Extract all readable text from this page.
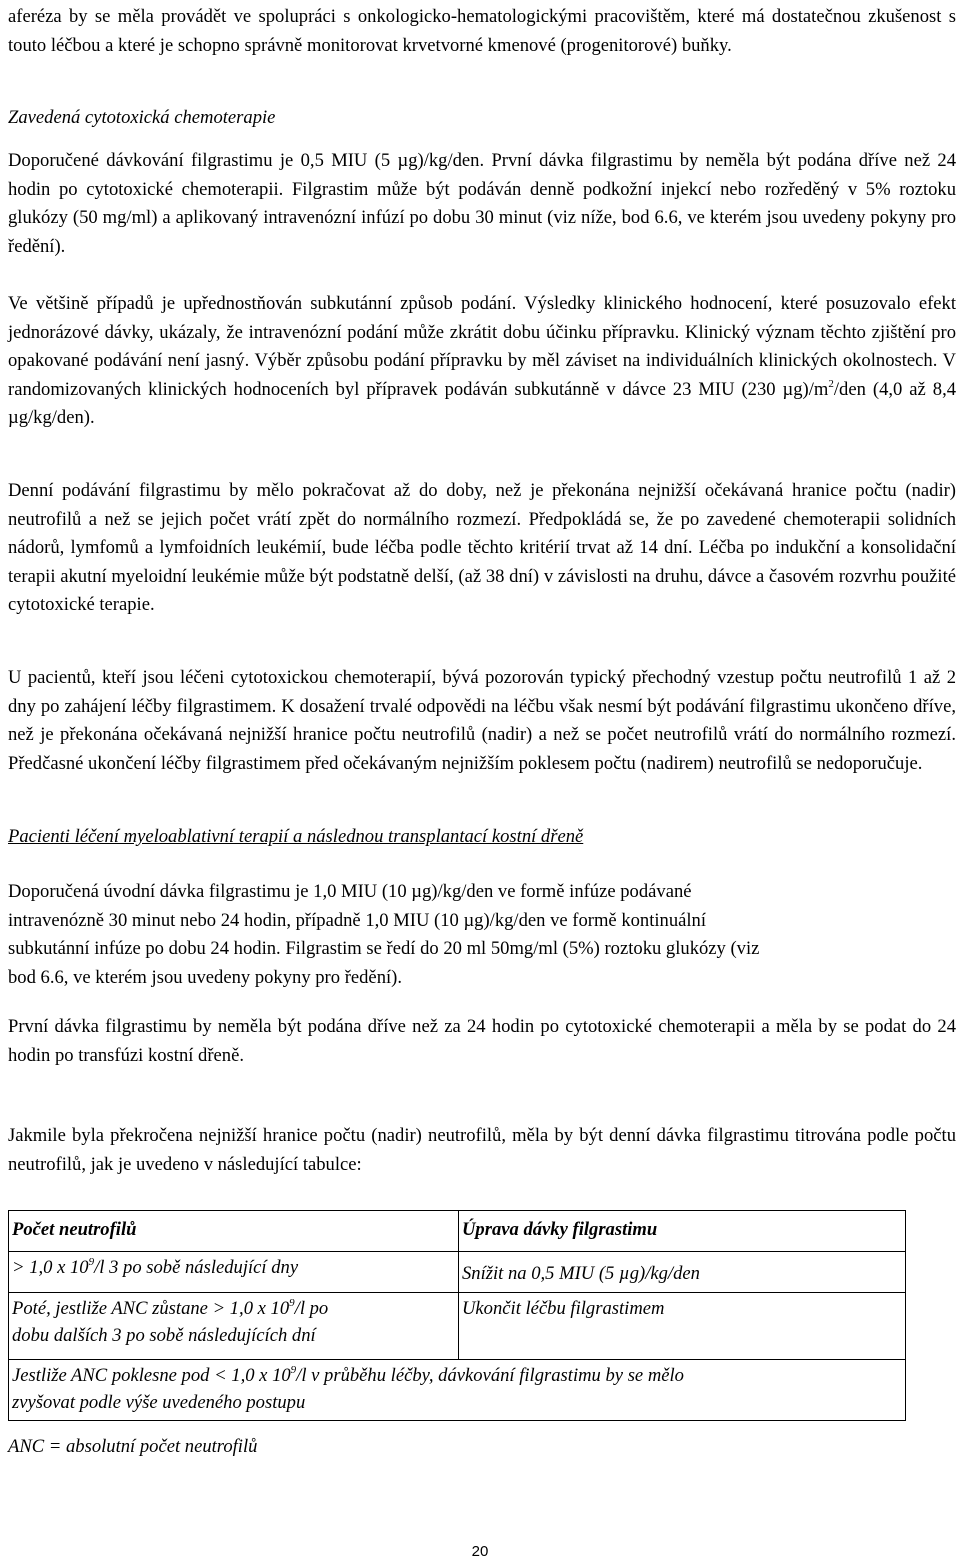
aferéza by se měla provádět ve spolupráci s onkologicko-hematologickými pracovištěm, které má dostatečnou zkušenost s touto léčbou a které je schopno správně monitorovat krvetvorné kmenové (progenitorové) buňky.

Zavedená cytotoxická chemoterapie

Doporučené dávkování filgrastimu je 0,5 MIU (5 µg)/kg/den. První dávka filgrastimu by neměla být podána dříve než 24 hodin po cytotoxické chemoterapii. Filgrastim může být podáván denně podkožní injekcí nebo rozředěný v 5% roztoku glukózy (50 mg/ml) a aplikovaný intravenózní infúzí po dobu 30 minut (viz níže, bod 6.6, ve kterém jsou uvedeny pokyny pro ředění).

Ve většině případů je upřednostňován subkutánní způsob podání. Výsledky klinického hodnocení, které posuzovalo efekt jednorázové dávky, ukázaly, že intravenózní podání může zkrátit dobu účinku přípravku. Klinický význam těchto zjištění pro opakované podávání není jasný. Výběr způsobu podání přípravku by měl záviset na individuálních klinických okolnostech. V randomizovaných klinických hodnoceních byl přípravek podáván subkutánně v dávce 23 MIU (230 $\mu g)/m^2$/den (4,0 až 8,4 µg/kg/den).

Denní podávání filgrastimu by mělo pokračovat až do doby, než je překonána nejnižší očekávaná hranice počtu (nadir) neutrofilů a než se jejich počet vrátí zpět do normálního rozmezí. Předpokládá se, že po zavedené chemoterapii solidních nádorů, lymfomů a lymfoidních leukémií, bude léčba podle těchto kritérií trvat až 14 dní. Léčba po indukční a konsolidační terapii akutní myeloidní leukémie může být podstatně delší, (až 38 dní) v závislosti na druhu, dávce a časovém rozvrhu použité cytotoxické terapie.

U pacientů, kteří jsou léčeni cytotoxickou chemoterapií, bývá pozorován typický přechodný vzestup počtu neutrofilů 1 až 2 dny po zahájení léčby filgrastimem. K dosažení trvalé odpovědi na léčbu však nesmí být podávání filgrastimu ukončeno dříve, než je překonána očekávaná nejnižší hranice počtu neutrofilů (nadir) a než se počet neutrofilů vrátí do normálního rozmezí. Předčasné ukončení léčby filgrastimem před očekávaným nejnižším poklesem počtu (nadirem) neutrofilů se nedoporučuje.

Pacienti léčení myeloablativní terapií a následnou transplantací kostní dřeně

Doporučená úvodní dávka filgrastimu je 1,0 MIU (10 µg)/kg/den ve formě infúze podávané

intravenózně 30 minut nebo 24 hodin, případně 1,0 MIU (10 µg)/kg/den ve formě kontinuální

subkutánní infúze po dobu 24 hodin. Filgrastim se ředí do 20 ml 50mg/ml (5%) roztoku glukózy (viz

bod 6.6, ve kterém jsou uvedeny pokyny pro ředění).

První dávka filgrastimu by neměla být podána dříve než za 24 hodin po cytotoxické chemoterapii a měla by se podat do 24 hodin po transfúzi kostní dřeně.

Jakmile byla překročena nejnižší hranice počtu (nadir) neutrofilů, měla by být denní dávka filgrastimu titrována podle počtu neutrofilů, jak je uvedeno v následující tabulce:

Počet neutrofilů	Úprava dávky filgrastimu
> 1,0 x $10^9/l$ 3 po sobě následující dny	Snížit na 0,5 MIU (5 µg)/kg/den
Poté, jestliže ANC zůstane > 1,0 x $10^9/l$ po
dobu dalších 3 po sobě následujících dní	Ukončit léčbu filgrastimem
Jestliže ANC poklesne pod < 1,0 x $10^9/l$ v průběhu léčby, dávkování filgrastimu by se mělo
zvyšovat podle výše uvedeného postupu	
ANC = absolutní počet neutrofilů
20
